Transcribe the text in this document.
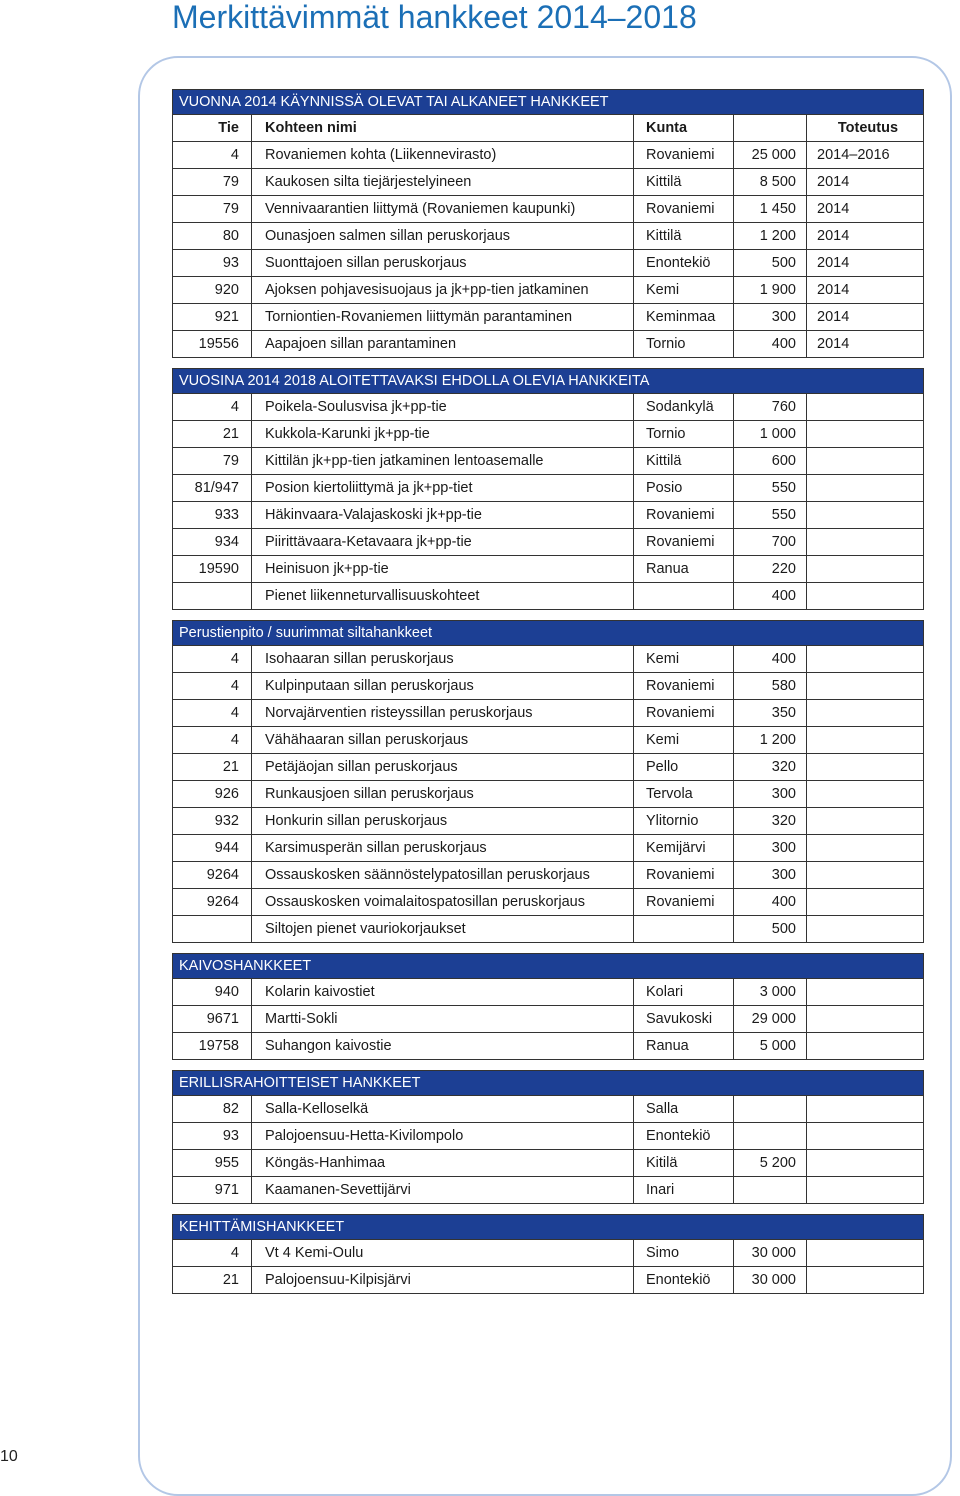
Merkittävimmät hankkeet 2014–2018
VUONNA 2014 KÄYNNISSÄ OLEVAT TAI ALKANEET HANKKEET				
Tie	Kohteen nimi	Kunta		Toteutus
4	Rovaniemen kohta (Liikennevirasto)	Rovaniemi	25 000	2014–2016
79	Kaukosen silta tiejärjestelyineen	Kittilä	8 500	2014
79	Vennivaarantien liittymä (Rovaniemen kaupunki)	Rovaniemi	1 450	2014
80	Ounasjoen salmen sillan peruskorjaus	Kittilä	1 200	2014
93	Suonttajoen sillan peruskorjaus	Enontekiö	500	2014
920	Ajoksen pohjavesisuojaus ja jk+pp-tien jatkaminen	Kemi	1 900	2014
921	Torniontien-Rovaniemen liittymän parantaminen	Keminmaa	300	2014
19556	Aapajoen sillan parantaminen	Tornio	400	2014

VUOSINA 2014 2018 ALOITETTAVAKSI EHDOLLA OLEVIA HANKKEITA				
4	Poikela-Soulusvisa jk+pp-tie	Sodankylä	760	
21	Kukkola-Karunki jk+pp-tie	Tornio	1 000	
79	Kittilän jk+pp-tien jatkaminen lentoasemalle	Kittilä	600	
81/947	Posion kiertoliittymä ja jk+pp-tiet	Posio	550	
933	Häkinvaara-Valajaskoski jk+pp-tie	Rovaniemi	550	
934	Piirittävaara-Ketavaara jk+pp-tie	Rovaniemi	700	
19590	Heinisuon jk+pp-tie	Ranua	220	
	Pienet liikenneturvallisuuskohteet		400	

Perustienpito / suurimmat siltahankkeet				
4	Isohaaran sillan peruskorjaus	Kemi	400	
4	Kulpinputaan sillan peruskorjaus	Rovaniemi	580	
4	Norvajärventien risteyssillan peruskorjaus	Rovaniemi	350	
4	Vähähaaran sillan peruskorjaus	Kemi	1 200	
21	Petäjäojan sillan peruskorjaus	Pello	320	
926	Runkausjoen sillan peruskorjaus	Tervola	300	
932	Honkurin sillan peruskorjaus	Ylitornio	320	
944	Karsimusperän sillan peruskorjaus	Kemijärvi	300	
9264	Ossauskosken säännöstelypatosillan peruskorjaus	Rovaniemi	300	
9264	Ossauskosken voimalaitospatosillan peruskorjaus	Rovaniemi	400	
	Siltojen pienet vauriokorjaukset		500	

KAIVOSHANKKEET				
940	Kolarin kaivostiet	Kolari	3 000	
9671	Martti-Sokli	Savukoski	29 000	
19758	Suhangon kaivostie	Ranua	5 000	

ERILLISRAHOITTEISET HANKKEET				
82	Salla-Kelloselkä	Salla		
93	Palojoensuu-Hetta-Kivilompolo	Enontekiö		
955	Köngäs-Hanhimaa	Kitilä	5 200	
971	Kaamanen-Sevettijärvi	Inari		

KEHITTÄMISHANKKEET				
4	Vt 4 Kemi-Oulu	Simo	30 000	
21	Palojoensuu-Kilpisjärvi	Enontekiö	30 000	
10
